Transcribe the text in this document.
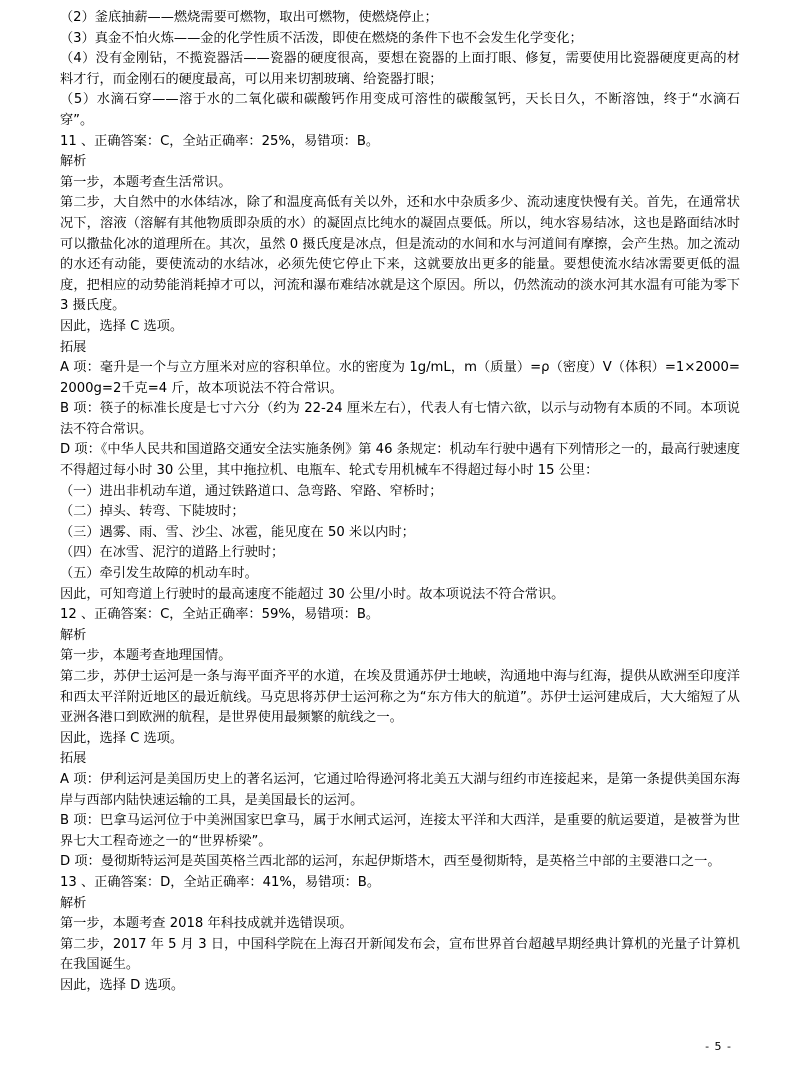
（2）釜底抽薪——燃烧需要可燃物，取出可燃物，使燃烧停止；

（3）真金不怕火炼——金的化学性质不活泼，即使在燃烧的条件下也不会发生化学变化；

（4）没有金刚钻，不揽瓷器活——瓷器的硬度很高，要想在瓷器的上面打眼、修复，需要使用比瓷器硬度更高的材料才行，而金刚石的硬度最高，可以用来切割玻璃、给瓷器打眼；

（5）水滴石穿——溶于水的二氧化碳和碳酸钙作用变成可溶性的碳酸氢钙，天长日久，不断溶蚀，终于“水滴石穿”。

11 、正确答案：C，全站正确率：25%，易错项：B。

解析

第一步，本题考查生活常识。

第二步，大自然中的水体结冰，除了和温度高低有关以外，还和水中杂质多少、流动速度快慢有关。首先，在通常状况下，溶液（溶解有其他物质即杂质的水）的凝固点比纯水的凝固点要低。所以，纯水容易结冰，这也是路面结冰时可以撒盐化冰的道理所在。其次，虽然 0 摄氏度是冰点，但是流动的水间和水与河道间有摩擦，会产生热。加之流动的水还有动能，要使流动的水结冰，必须先使它停止下来，这就要放出更多的能量。要想使流水结冰需要更低的温度，把相应的动势能消耗掉才可以，河流和瀑布难结冰就是这个原因。所以，仍然流动的淡水河其水温有可能为零下 3 摄氏度。

因此，选择 C 选项。

拓展

A 项：毫升是一个与立方厘米对应的容积单位。水的密度为 1g/mL，m（质量）=ρ（密度）V（体积）=1×2000=2000g=2千克=4 斤，故本项说法不符合常识。

B 项：筷子的标准长度是七寸六分（约为 22-24 厘米左右），代表人有七情六欲，以示与动物有本质的不同。本项说法不符合常识。

D 项：《中华人民共和国道路交通安全法实施条例》第 46 条规定：机动车行驶中遇有下列情形之一的，最高行驶速度不得超过每小时 30 公里，其中拖拉机、电瓶车、轮式专用机械车不得超过每小时 15 公里：

（一）进出非机动车道，通过铁路道口、急弯路、窄路、窄桥时；

（二）掉头、转弯、下陡坡时；

（三）遇雾、雨、雪、沙尘、冰雹，能见度在 50 米以内时；

（四）在冰雪、泥泞的道路上行驶时；

（五）牵引发生故障的机动车时。

因此，可知弯道上行驶时的最高速度不能超过 30 公里/小时。故本项说法不符合常识。

12 、正确答案：C，全站正确率：59%，易错项：B。

解析

第一步，本题考查地理国情。

第二步，苏伊士运河是一条与海平面齐平的水道，在埃及贯通苏伊士地峡，沟通地中海与红海，提供从欧洲至印度洋和西太平洋附近地区的最近航线。马克思将苏伊士运河称之为“东方伟大的航道”。苏伊士运河建成后，大大缩短了从亚洲各港口到欧洲的航程，是世界使用最频繁的航线之一。

因此，选择 C 选项。

拓展

A 项：伊利运河是美国历史上的著名运河，它通过哈得逊河将北美五大湖与纽约市连接起来，是第一条提供美国东海岸与西部内陆快速运输的工具，是美国最长的运河。

B 项：巴拿马运河位于中美洲国家巴拿马，属于水闸式运河，连接太平洋和大西洋，是重要的航运要道，是被誉为世界七大工程奇迹之一的“世界桥梁”。

D 项：曼彻斯特运河是英国英格兰西北部的运河，东起伊斯塔木，西至曼彻斯特，是英格兰中部的主要港口之一。

13 、正确答案：D，全站正确率：41%，易错项：B。

解析

第一步，本题考查 2018 年科技成就并选错误项。

第二步，2017 年 5 月 3 日，中国科学院在上海召开新闻发布会，宣布世界首台超越早期经典计算机的光量子计算机在我国诞生。

因此，选择 D 选项。

- 5 -
